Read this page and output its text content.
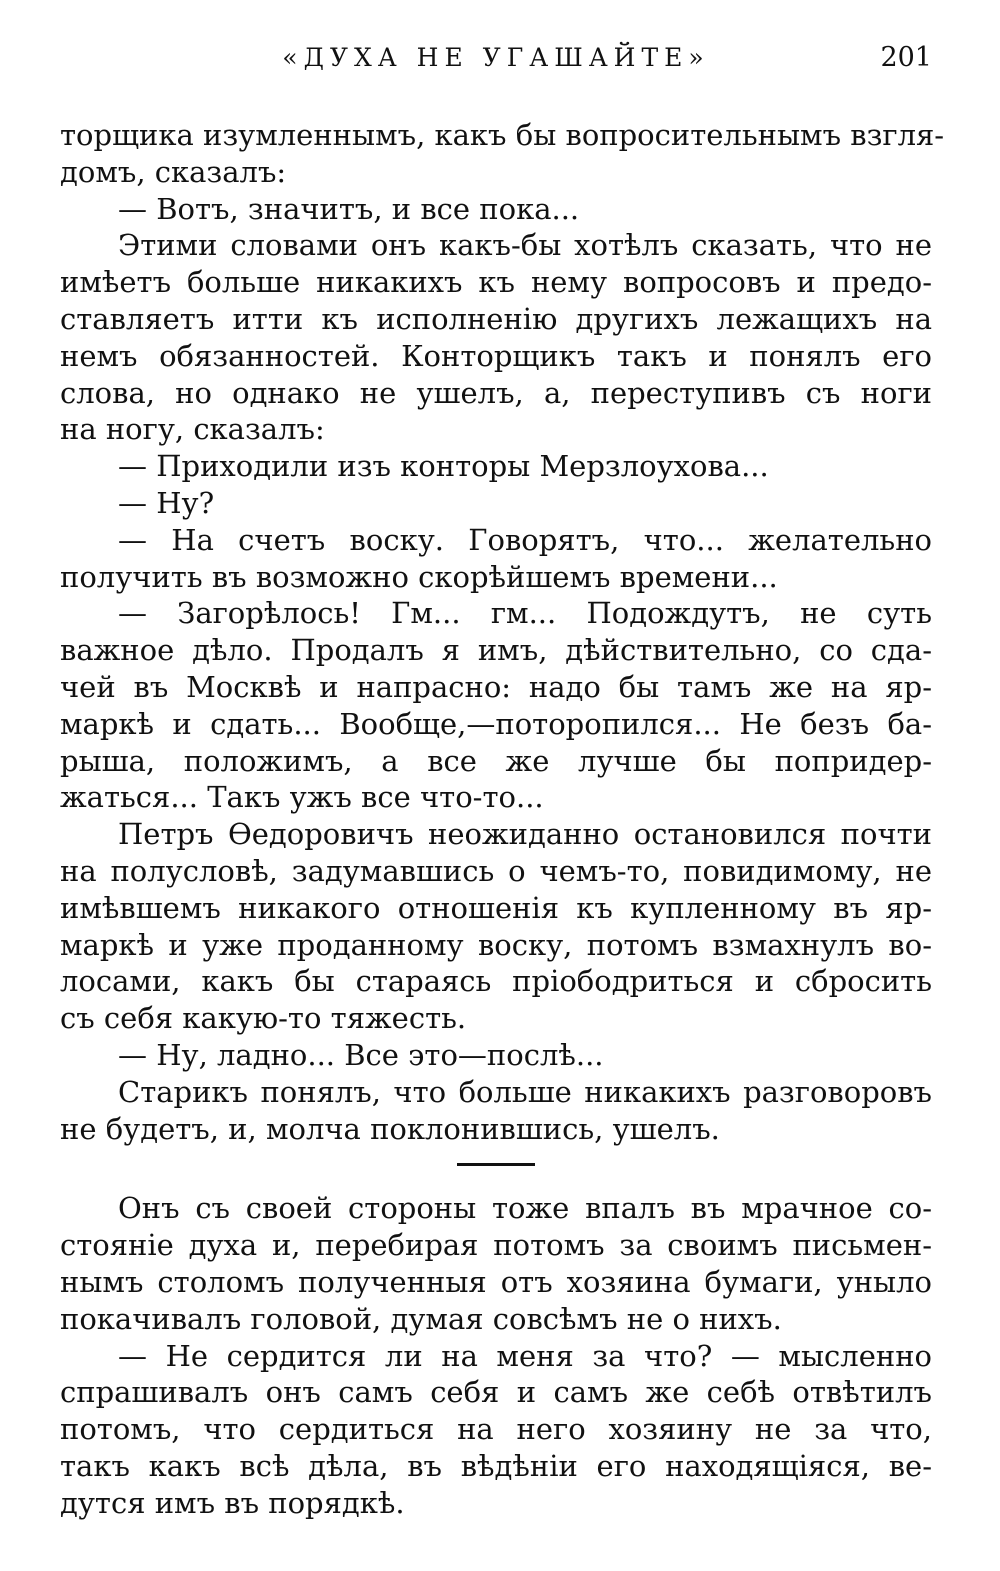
«ДУХА НЕ УГАШАЙТЕ»	201
торщика изумленнымъ, какъ бы вопросительнымъ взгля-
домъ, сказалъ:
— Вотъ, значитъ, и все пока...
Этими словами онъ какъ-бы хотѣлъ сказать, что не
имѣетъ больше никакихъ къ нему вопросовъ и предо-
ставляетъ итти къ исполненію другихъ лежащихъ на
немъ обязанностей. Конторщикъ такъ и понялъ его
слова, но однако не ушелъ, а, переступивъ съ ноги
на ногу, сказалъ:
— Приходили изъ конторы Мерзлоухова...
— Ну?
— На счетъ воску. Говорятъ, что... желательно
получить въ возможно скорѣйшемъ времени...
— Загорѣлось! Гм... гм... Подождутъ, не суть
важное дѣло. Продалъ я имъ, дѣйствительно, со сда-
чей въ Москвѣ и напрасно: надо бы тамъ же на яр-
маркѣ и сдать... Вообще,—поторопился... Не безъ ба-
рыша, положимъ, а все же лучше бы попридер-
жаться... Такъ ужъ все что-то...
Петръ Ѳедоровичъ неожиданно остановился почти
на полусловѣ, задумавшись о чемъ-то, повидимому, не
имѣвшемъ никакого отношенія къ купленному въ яр-
маркѣ и уже проданному воску, потомъ взмахнулъ во-
лосами, какъ бы стараясь пріободриться и сбросить
съ себя какую-то тяжесть.
— Ну, ладно... Все это—послѣ...
Старикъ понялъ, что больше никакихъ разговоровъ
не будетъ, и, молча поклонившись, ушелъ.
Онъ съ своей стороны тоже впалъ въ мрачное со-
стояніе духа и, перебирая потомъ за своимъ письмен-
нымъ столомъ полученныя отъ хозяина бумаги, уныло
покачивалъ головой, думая совсѣмъ не о нихъ.
— Не сердится ли на меня за что? — мысленно
спрашивалъ онъ самъ себя и самъ же себѣ отвѣтилъ
потомъ, что сердиться на него хозяину не за что,
такъ какъ всѣ дѣла, въ вѣдѣніи его находящіяся, ве-
дутся имъ въ порядкѣ.
